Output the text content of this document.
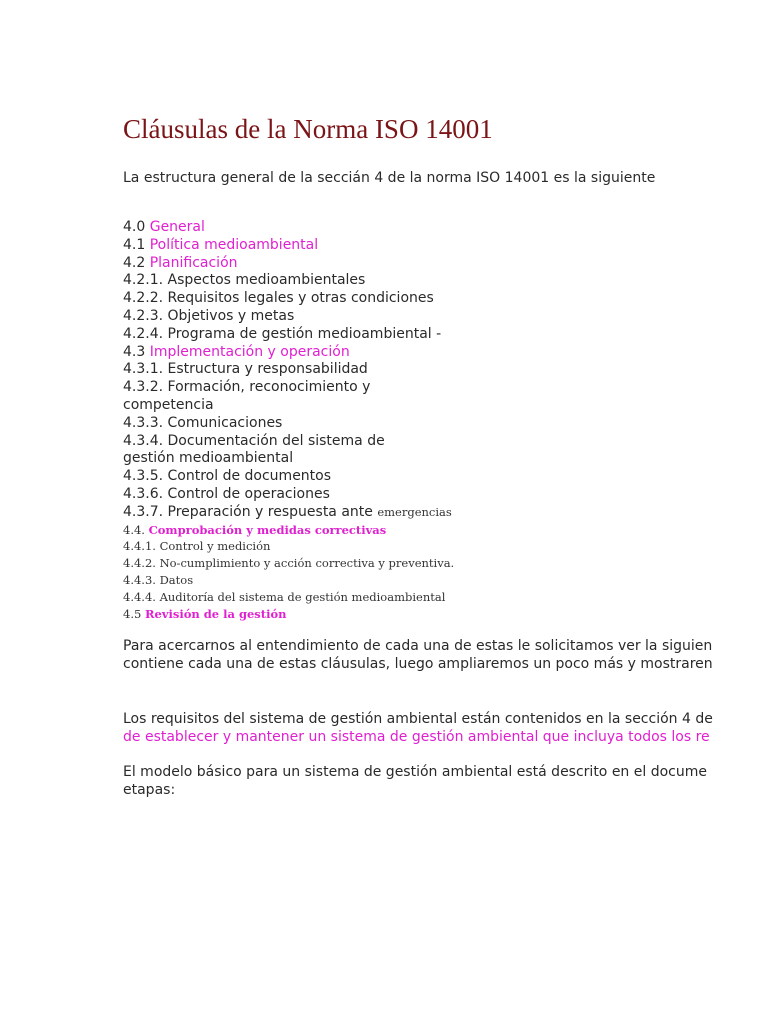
Cláusulas de la Norma ISO 14001

La estructura general de la seccián 4 de la norma ISO 14001 es la siguiente

4.0 General
4.1 Política medioambiental
4.2 Planificación
4.2.1. Aspectos medioambientales
4.2.2. Requisitos legales y otras condiciones
4.2.3. Objetivos y metas
4.2.4. Programa de gestión medioambiental -
4.3 Implementación y operación
4.3.1. Estructura y responsabilidad
4.3.2. Formación, reconocimiento y competencia
4.3.3. Comunicaciones
4.3.4. Documentación del sistema de gestión medioambiental
4.3.5. Control de documentos
4.3.6. Control de operaciones
4.3.7. Preparación y respuesta ante emergencias
4.4. Comprobación y medidas correctivas
4.4.1. Control y medición
4.4.2. No-cumplimiento y acción correctiva y preventiva.
4.4.3. Datos
4.4.4. Auditoría del sistema de gestión medioambiental
4.5 Revisión de la gestión
Para acercarnos al entendimiento de cada una de estas le solicitamos ver la siguien
contiene cada una de estas cláusulas, luego ampliaremos un poco más y mostraren
Los requisitos del sistema de gestión ambiental están contenidos en la sección 4 de
de establecer y mantener un sistema de gestión ambiental que incluya todos los re
El modelo básico para un sistema de gestión ambiental está descrito en el docume
etapas:
